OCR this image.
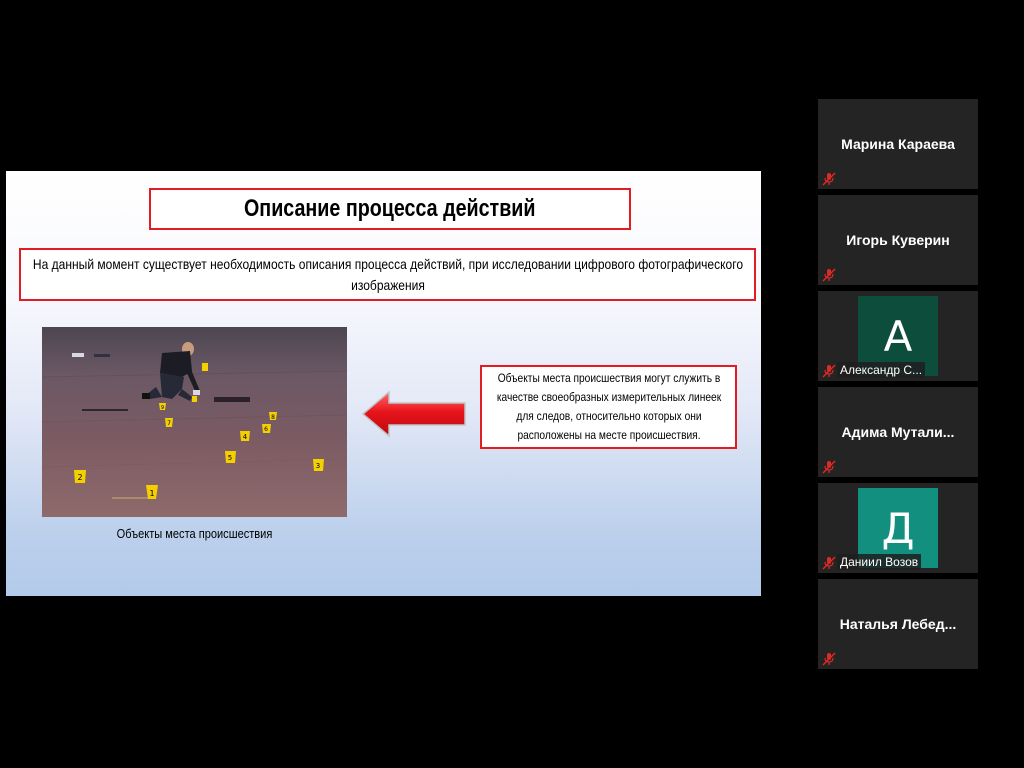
Описание процесса действий
На данный момент существует необходимость описания процесса действий, при исследовании цифрового фотографического изображения
1
2
3
4
5
6
7
8
9
Объекты места происшествия
Объекты места происшествия могут служить в качестве своеобразных измерительных линеек для следов, относительно которых они расположены на месте происшествия.
Марина Караева
Игорь Куверин
А
Александр С...
Адима Мутали...
Д
Даниил Возов
Наталья Лебед...
